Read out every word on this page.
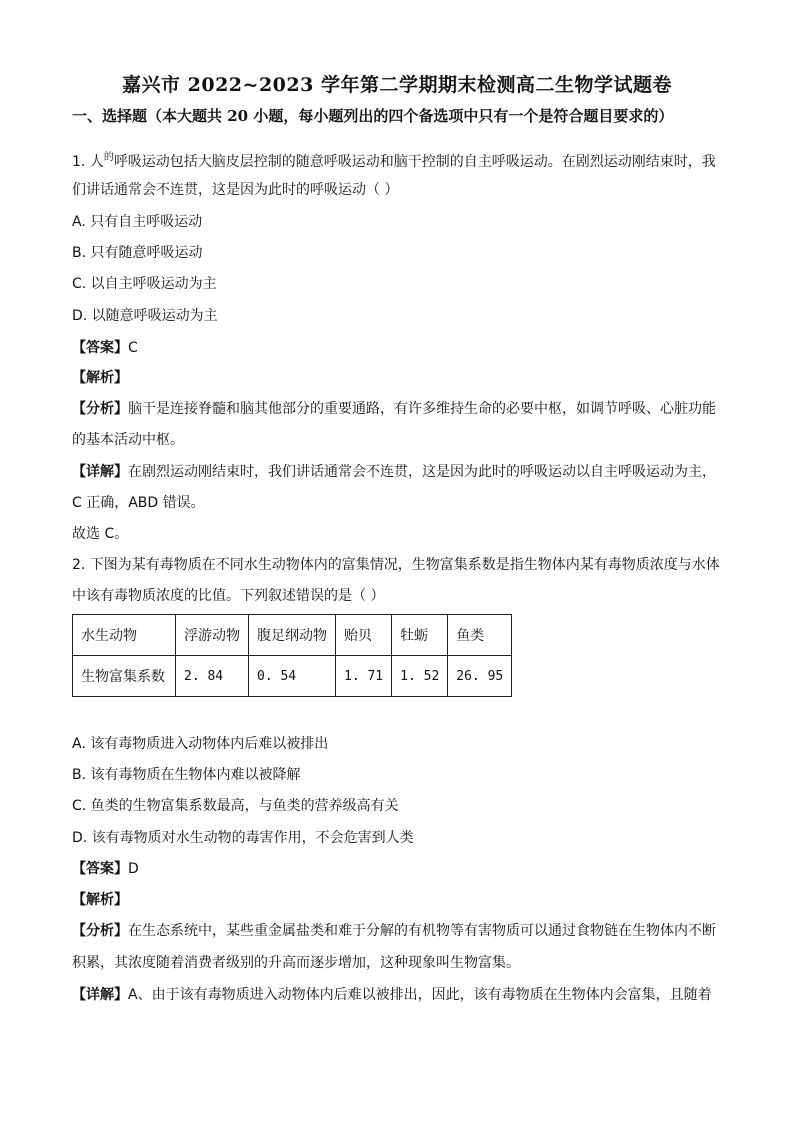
嘉兴市 2022~2023 学年第二学期期末检测高二生物学试题卷
一、选择题（本大题共 20 小题，每小题列出的四个备选项中只有一个是符合题目要求的）
1. 人$^的$呼吸运动包括大脑皮层控制的随意呼吸运动和脑干控制的自主呼吸运动。在剧烈运动刚结束时，我
们讲话通常会不连贯，这是因为此时的呼吸运动（ ）
A. 只有自主呼吸运动
B. 只有随意呼吸运动
C. 以自主呼吸运动为主
D. 以随意呼吸运动为主
【答案】C
【解析】
【分析】脑干是连接脊髓和脑其他部分的重要通路，有许多维持生命的必要中枢，如调节呼吸、心脏功能
的基本活动中枢。
【详解】在剧烈运动刚结束时，我们讲话通常会不连贯，这是因为此时的呼吸运动以自主呼吸运动为主，
C 正确，ABD 错误。
故选 C。
2. 下图为某有毒物质在不同水生动物体内的富集情况，生物富集系数是指生物体内某有毒物质浓度与水体
中该有毒物质浓度的比值。下列叙述错误的是（ ）
水生动物	浮游动物	腹足纲动物	贻贝	牡蛎	鱼类
生物富集系数	2. 84	0. 54	1. 71	1. 52	26. 95
A. 该有毒物质进入动物体内后难以被排出
B. 该有毒物质在生物体内难以被降解
C. 鱼类的生物富集系数最高，与鱼类的营养级高有关
D. 该有毒物质对水生动物的毒害作用，不会危害到人类
【答案】D
【解析】
【分析】在生态系统中，某些重金属盐类和难于分解的有机物等有害物质可以通过食物链在生物体内不断
积累，其浓度随着消费者级别的升高而逐步增加，这种现象叫生物富集。
【详解】A、由于该有毒物质进入动物体内后难以被排出，因此，该有毒物质在生物体内会富集，且随着
